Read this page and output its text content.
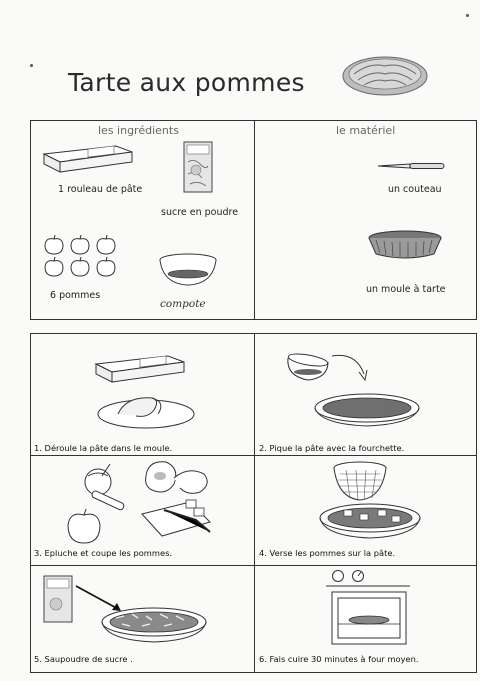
Tarte aux pommes
les ingrédients	le matériel
1 rouleau de pâte
sucre en poudre
6 pommes
compote
un couteau
un moule à tarte
1. Déroule la pâte dans le moule.	2. Pique la pâte avec la fourchette.
3. Epluche et coupe les pommes.	4. Verse les pommes sur la pâte.
5. Saupoudre de sucre .	6. Fais cuire 30 minutes à four moyen.
